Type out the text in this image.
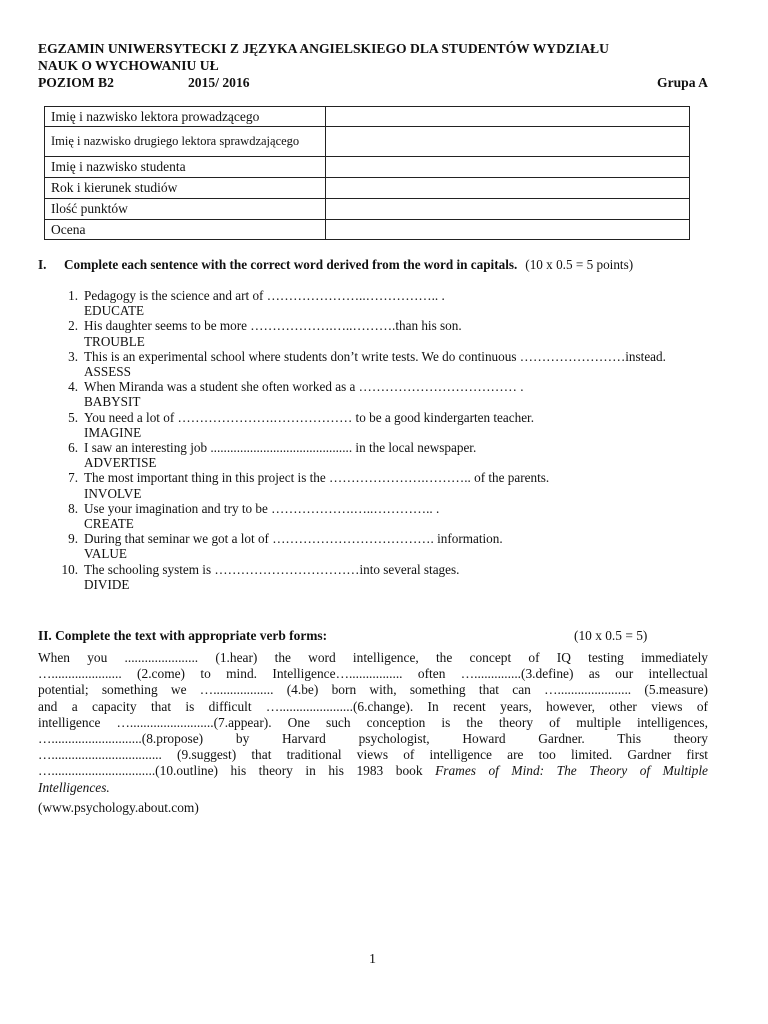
EGZAMIN UNIWERSYTECKI Z JĘZYKA ANGIELSKIEGO DLA STUDENTÓW WYDZIAŁU
NAUK O WYCHOWANIU UŁ
POZIOM B2	2015/ 2016	Grupa A
Imię i nazwisko lektora prowadzącego	
Imię i nazwisko drugiego lektora sprawdzającego	
Imię i nazwisko studenta	
Rok i kierunek studiów	
Ilość punktów	
Ocena	
I. Complete each sentence with the correct word derived from the word in capitals. (10 x 0.5 = 5 points)
1. Pedagogy is the science and art of …………………..…………….. .
EDUCATE
2. His daughter seems to be more ……………….…..……….than his son.
TROUBLE
3. This is an experimental school where students don’t write tests. We do continuous ……………………instead.
ASSESS
4. When Miranda was a student she often worked as a ……………………………… .
BABYSIT
5. You need a lot of ………………….……………… to be a good kindergarten teacher.
IMAGINE
6. I saw an interesting job ........................................... in the local newspaper.
ADVERTISE
7. The most important thing in this project is the ………………….……….. of the parents.
INVOLVE
8. Use your imagination and try to be ……………….…..………….. .
CREATE
9. During that seminar we got a lot of ………………………………. information.
VALUE
10. The schooling system is ……………………………into several stages.
DIVIDE
II. Complete the text with appropriate verb forms:	(10 x 0.5 = 5)
When you ...................... (1.hear) the word intelligence, the concept of IQ testing immediately
…..................... (2.come) to mind. Intelligence…................ often …..............(3.define) as our intellectual
potential; something we ….................. (4.be) born with, something that can …...................... (5.measure)
and a capacity that is difficult …......................(6.change). In recent years, however, other views of
intelligence ….........................(7.appear). One such conception is the theory of multiple intelligences,
…...........................(8.propose) by Harvard psychologist, Howard Gardner. This theory
…................................. (9.suggest) that traditional views of intelligence are too limited. Gardner first
…...............................(10.outline) his theory in his 1983 book Frames of Mind: The Theory of Multiple
Intelligences.
(www.psychology.about.com)
1
